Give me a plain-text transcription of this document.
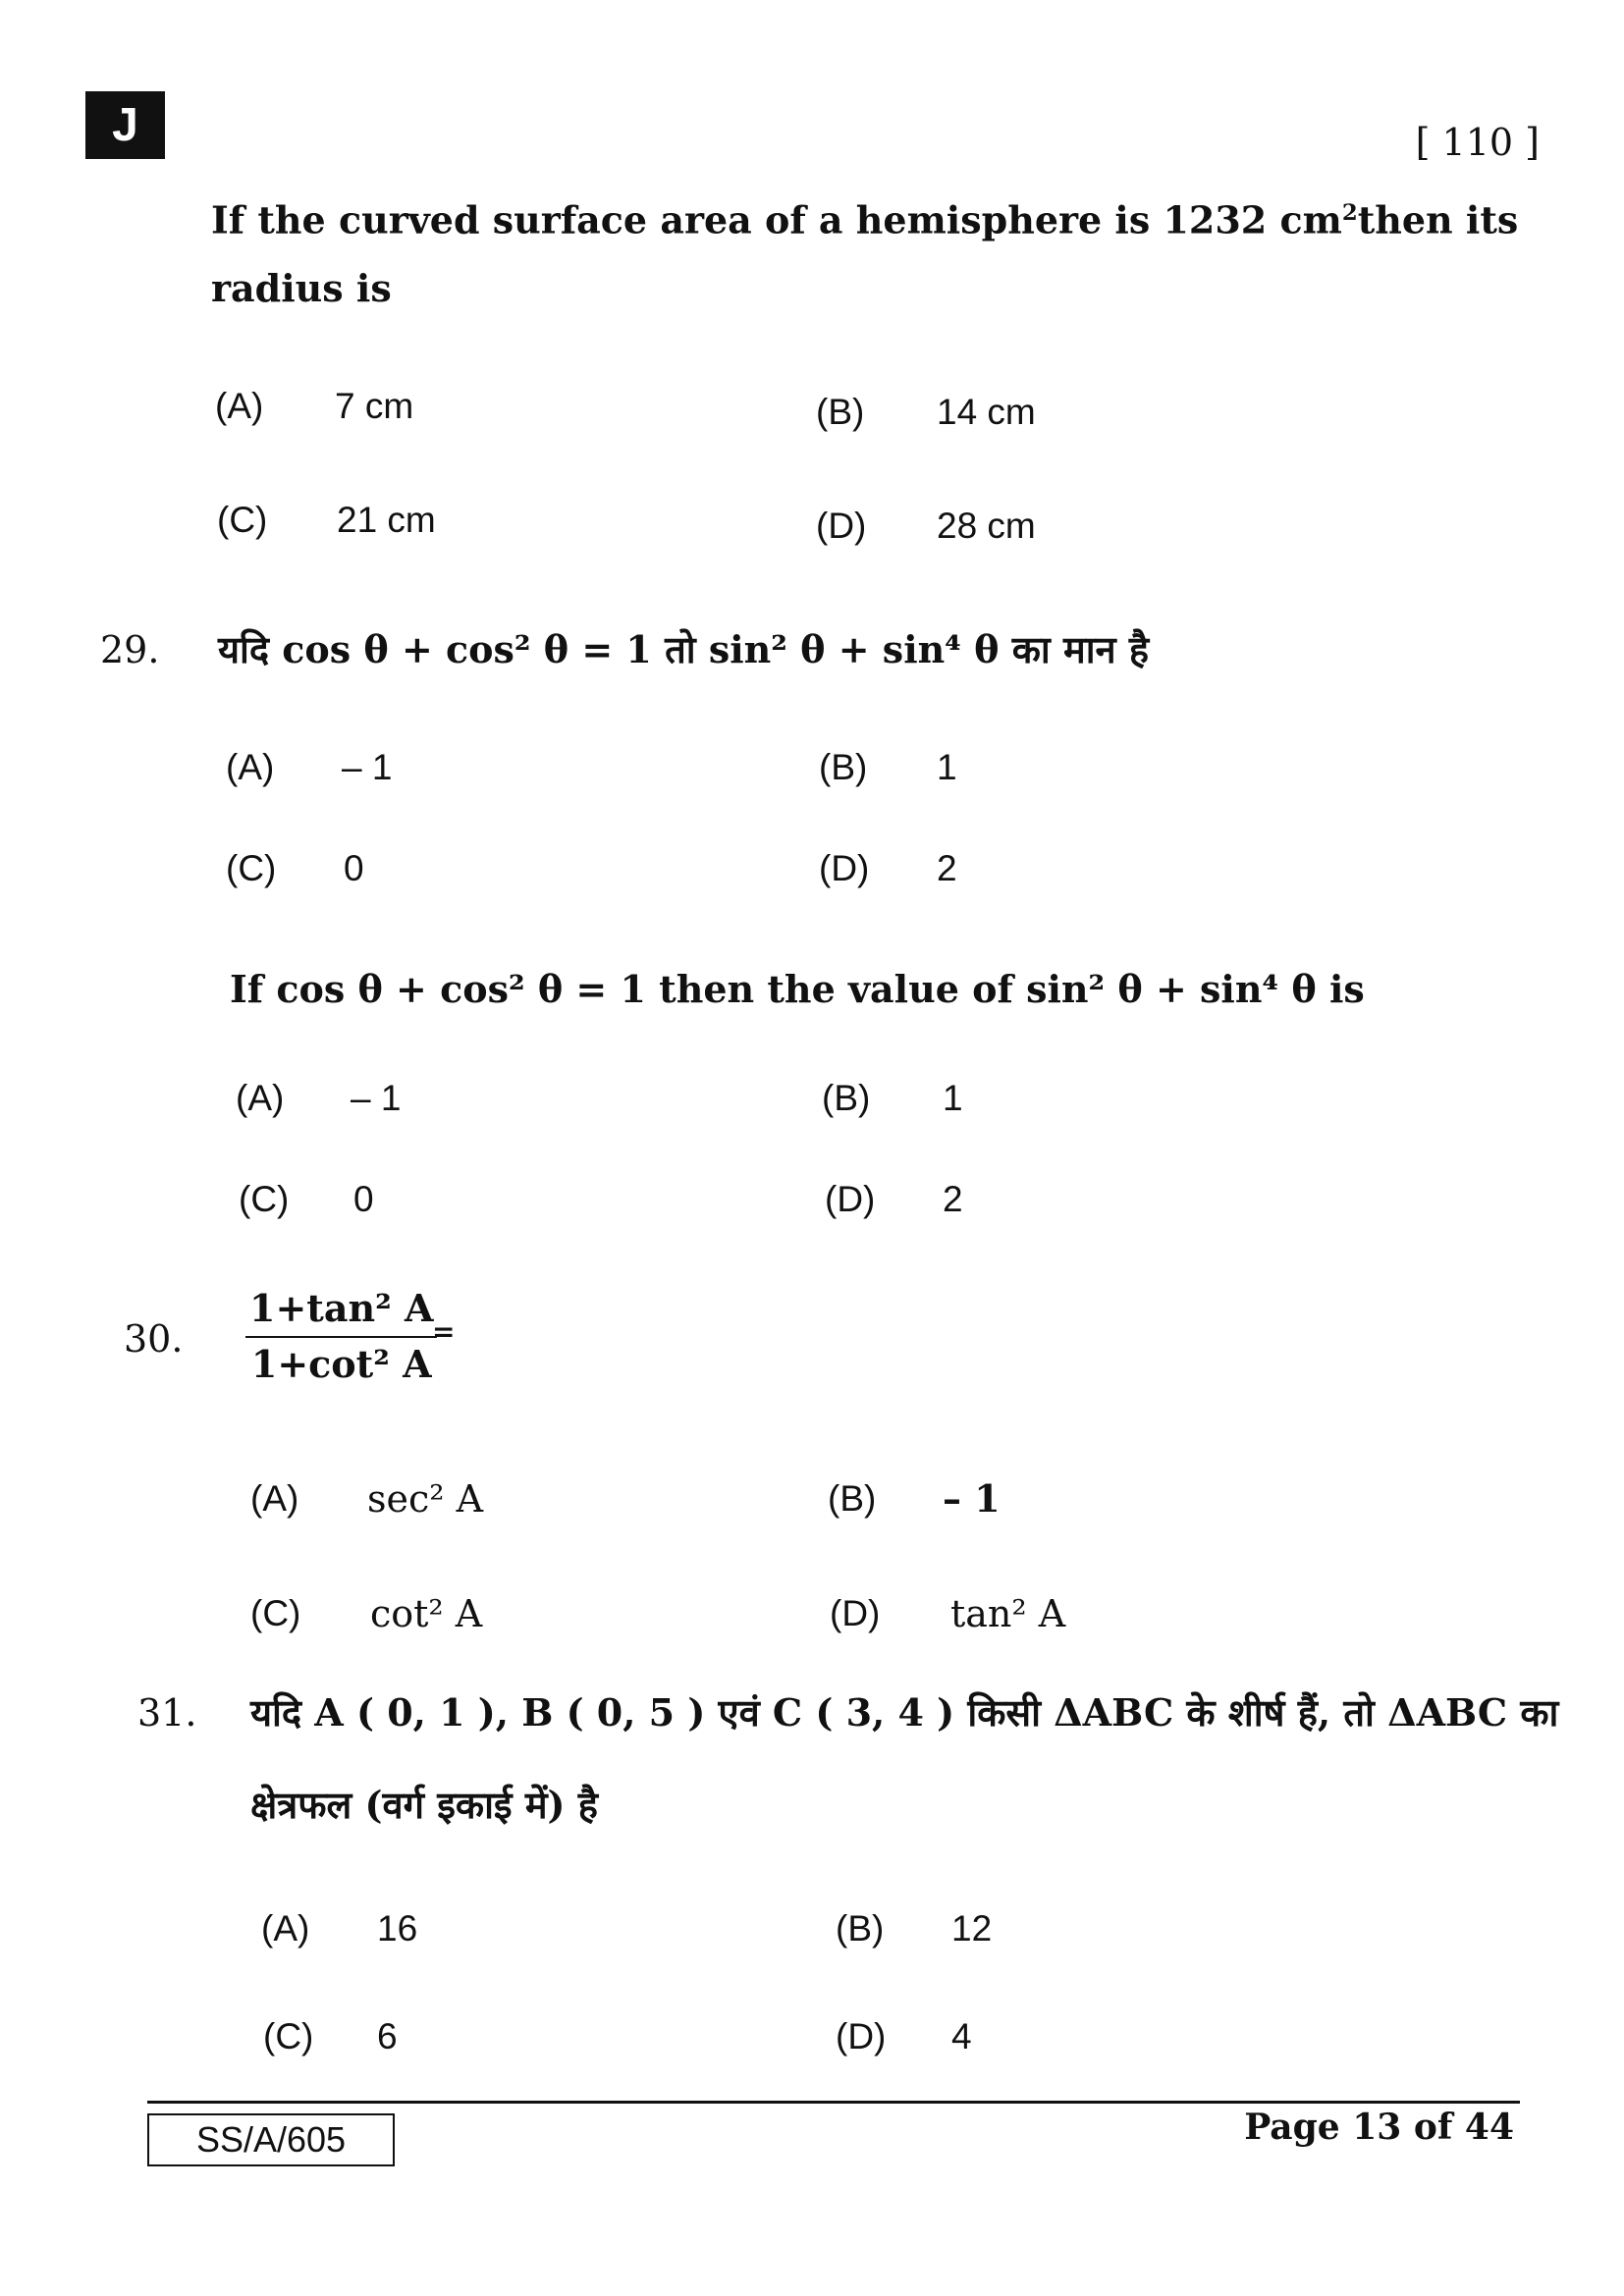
J	[ 110 ]
If the curved surface area of a hemisphere is 1232 $cm^2then$ its
radius is
(A) 7 cm	(B) 14 cm
(C) 21 cm	(D) 28 cm
29. यदि cos θ + cos² θ = 1 तो sin² θ + sin⁴ θ का मान है
(A) – 1	(B) 1
(C) 0	(D) 2
If cos θ + cos² θ = 1 then the value of sin² θ + sin⁴ θ is
(A) – 1	(B) 1
(C) 0	(D) 2
30. $\frac{\text{1+tan² A}}{\text{1+cot² A}}$
=
(A) sec² A	(B) – 1
(C) cot² A	(D) tan² A
31. यदि A ( 0, 1 ), B ( 0, 5 ) एवं C ( 3, 4 ) किसी ΔABC के शीर्ष हैं, तो ΔABC का
क्षेत्रफल (वर्ग इकाई में) है
(A) 16	(B) 12
(C) 6	(D) 4
SS/A/605	Page 13 of 44
